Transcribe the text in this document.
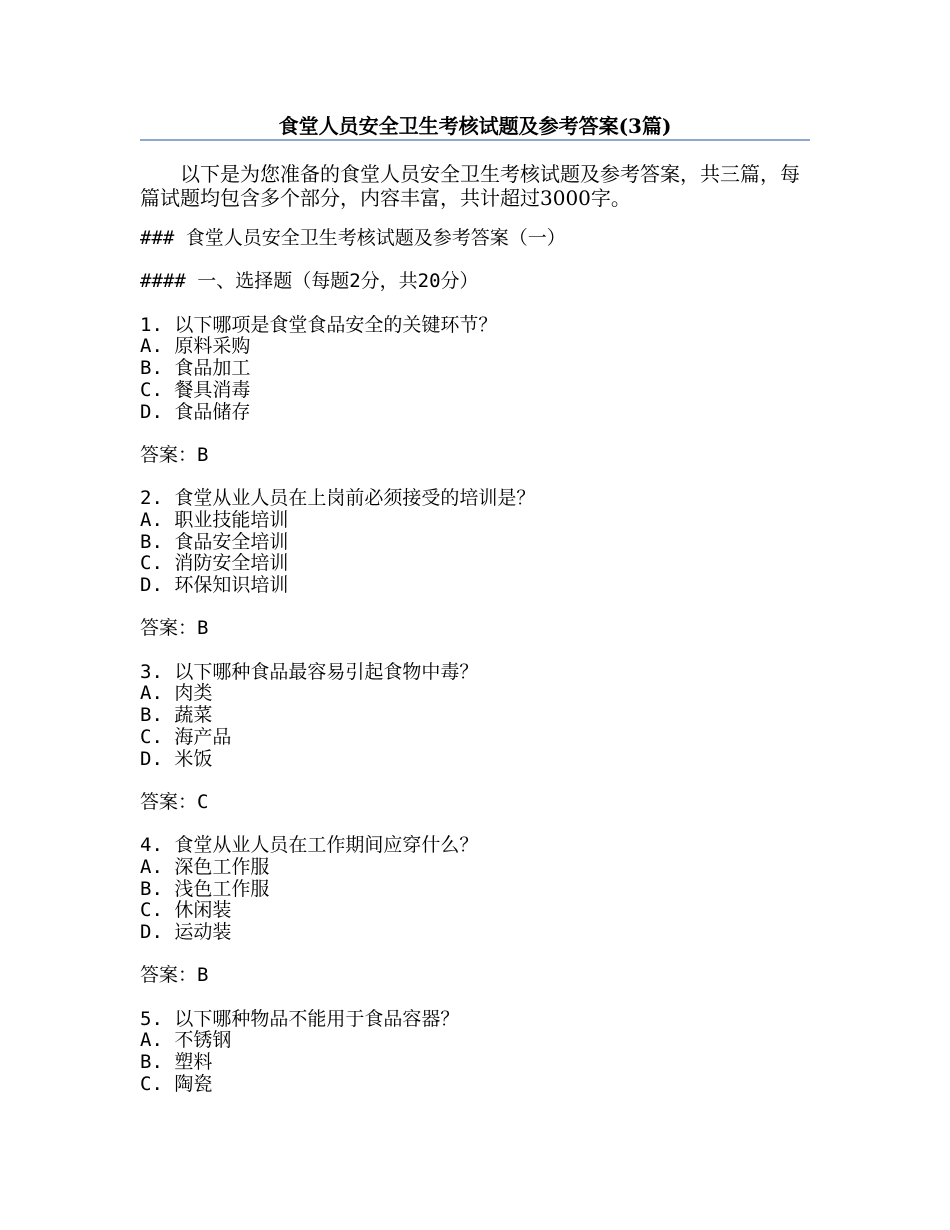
食堂人员安全卫生考核试题及参考答案(3篇)
以下是为您准备的食堂人员安全卫生考核试题及参考答案，共三篇，每篇试题均包含多个部分，内容丰富，共计超过3000字。
### 食堂人员安全卫生考核试题及参考答案（一）
#### 一、选择题（每题2分，共20分）
1. 以下哪项是食堂食品安全的关键环节？
A. 原料采购
B. 食品加工
C. 餐具消毒
D. 食品储存
答案：B
2. 食堂从业人员在上岗前必须接受的培训是？
A. 职业技能培训
B. 食品安全培训
C. 消防安全培训
D. 环保知识培训
答案：B
3. 以下哪种食品最容易引起食物中毒？
A. 肉类
B. 蔬菜
C. 海产品
D. 米饭
答案：C
4. 食堂从业人员在工作期间应穿什么？
A. 深色工作服
B. 浅色工作服
C. 休闲装
D. 运动装
答案：B
5. 以下哪种物品不能用于食品容器？
A. 不锈钢
B. 塑料
C. 陶瓷
